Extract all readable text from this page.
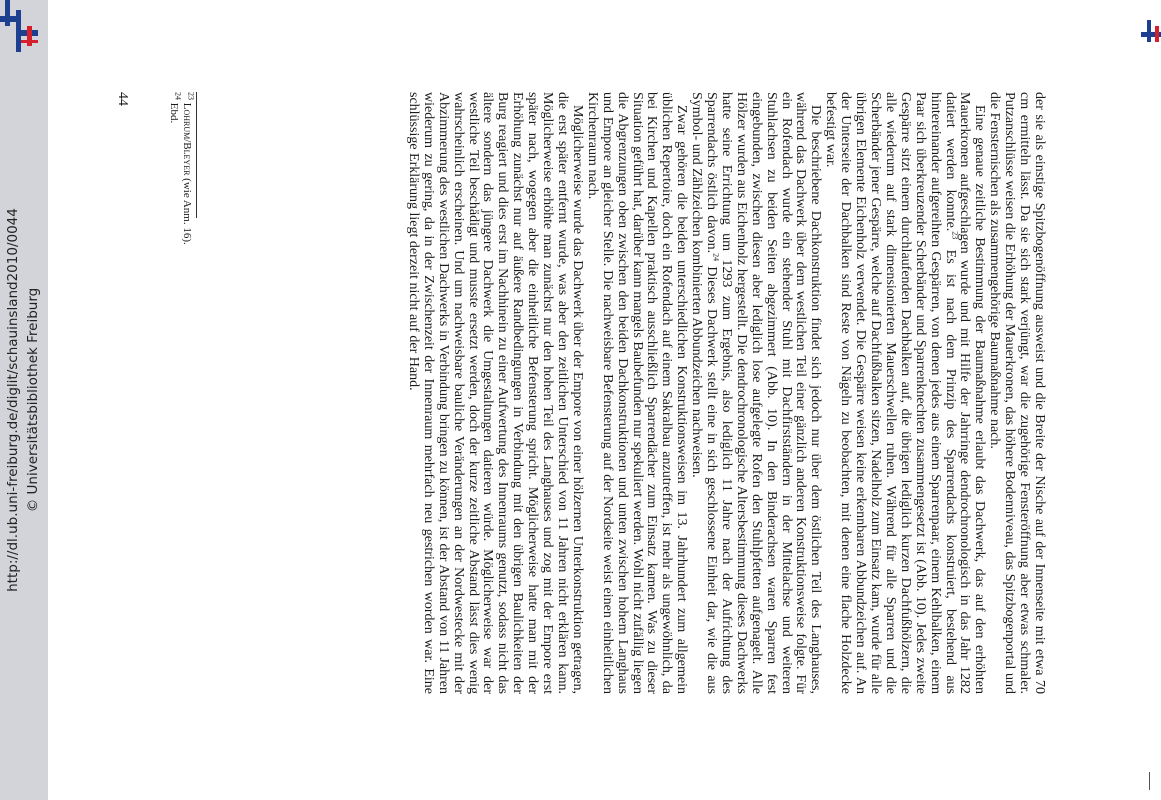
http://dl.ub.uni-freiburg.de/diglit/schauinsland2010/0044 © Universitätsbibliothek Freiburg	der sie als einstige Spitzbogenöffnung ausweist und die Breite der Nische auf der Innenseite mit etwa 70 cm ermitteln lässt. Da sie sich stark verjüngt, war die zugehörige Fensteröffnung aber etwas schmaler. Putzanschlüsse weisen die Erhöhung der Mauerkronen, das höhere Bodenniveau, das Spitzbogenportal und die Fensternischen als zusammengehörige Baumaßnahme nach.

Eine genaue zeitliche Bestimmung der Baumaßnahme erlaubt das Dachwerk, das auf den erhöhten Mauerkronen aufgeschlagen wurde und mit Hilfe der Jahrringe dendrochronologisch in das Jahr 1282 datiert werden konnte.$^{23}$ Es ist nach dem Prinzip des Sparrendachs konstruiert, bestehend aus hintereinander aufgereihten Gespärren, von denen jedes aus einem Sparrenpaar, einem Kehlbalken, einem Paar sich überkreuzender Scherbänder und Sparrenknechten zusammengesetzt ist (Abb. 10). Jedes zweite Gespärre sitzt einem durchlaufenden Dachbalken auf, die übrigen lediglich kurzen Dachfußhölzern, die alle wiederum auf stark dimensionierten Mauerschwellen ruhen. Während für alle Sparren und die Scherbänder jener Gespärre, welche auf Dachfußbalken sitzen, Nadelholz zum Einsatz kam, wurde für alle übrigen Elemente Eichenholz verwendet. Die Gespärre weisen keine erkennbaren Abbundzeichen auf. An der Unterseite der Dachbalken sind Reste von Nägeln zu beobachten, mit denen eine flache Holzdecke befestigt war.

Die beschriebene Dachkonstruktion findet sich jedoch nur über dem östlichen Teil des Langhauses, während das Dachwerk über dem westlichen Teil einer gänzlich anderen Konstruktionsweise folgte. Für ein Rofendach wurde ein stehender Stuhl mit Dachfirstständern in der Mittelachse und weiteren Stuhlachsen zu beiden Seiten abgezimmert (Abb. 10). In den Binderachsen waren Sparren fest eingebunden, zwischen diesen aber lediglich lose aufgelegte Rofen den Stuhlpfetten aufgenagelt. Alle Hölzer wurden aus Eichenholz hergestellt. Die dendrochronologische Altersbestimmung dieses Dachwerks hatte seine Errichtung um 1293 zum Ergebnis, also lediglich 11 Jahre nach der Aufrichtung des Sparrendachs östlich davon.$^{24}$ Dieses Dachwerk stellt eine in sich geschlossene Einheit dar, wie die aus Symbol- und Zählzeichen kombinierten Abbundzeichen nachweisen.

Zwar gehören die beiden unterschiedlichen Konstruktionsweisen im 13. Jahrhundert zum allgemein üblichen Repertoire, doch ein Rofendach auf einem Sakralbau anzutreffen, ist mehr als ungewöhnlich, da bei Kirchen und Kapellen praktisch ausschließlich Sparrendächer zum Einsatz kamen. Was zu dieser Situation geführt hat, darüber kann mangels Baubefunden nur spekuliert werden. Wohl nicht zufällig liegen die Abgrenzungen oben zwischen den beiden Dachkonstruktionen und unten zwischen hohem Langhaus und Empore an gleicher Stelle. Die nachweisbare Befensterung auf der Nordseite weist einen einheitlichen Kirchenraum nach.

Möglicherweise wurde das Dachwerk über der Empore von einer hölzernen Unterkonstruktion getragen, die erst später entfernt wurde, was aber den zeitlichen Unterschied von 11 Jahren nicht erklären kann. Möglicherweise erhöhte man zunächst nur den hohen Teil des Langhauses und zog mit der Empore erst später nach, wogegen aber die einheitliche Befensterung spricht. Möglicherweise hatte man mit der Erhöhung zunächst nur auf äußere Randbedingungen in Verbindung mit den übrigen Baulichkeiten der Burg reagiert und dies erst im Nachhinein zu einer Aufwertung des Innenraums genutzt, sodass nicht das ältere sondern das jüngere Dachwerk die Umgestaltungen datieren würde. Möglicherweise war der westliche Teil beschädigt und musste ersetzt werden, doch der kurze zeitliche Abstand lässt dies wenig wahrscheinlich erscheinen. Und um nachweisbare bauliche Veränderungen an der Nordwestecke mit der Abzimmerung des westlichen Dachwerks in Verbindung bringen zu können, ist der Abstand von 11 Jahren wiederum zu gering, da in der Zwischenzeit der Innenraum mehrfach neu gestrichen worden war. Eine schlüssige Erklärung liegt derzeit nicht auf der Hand.

$^{23}$ Lohrum/Bleyer (wie Anm. 16).

$^{24}$ Ebd.

44
